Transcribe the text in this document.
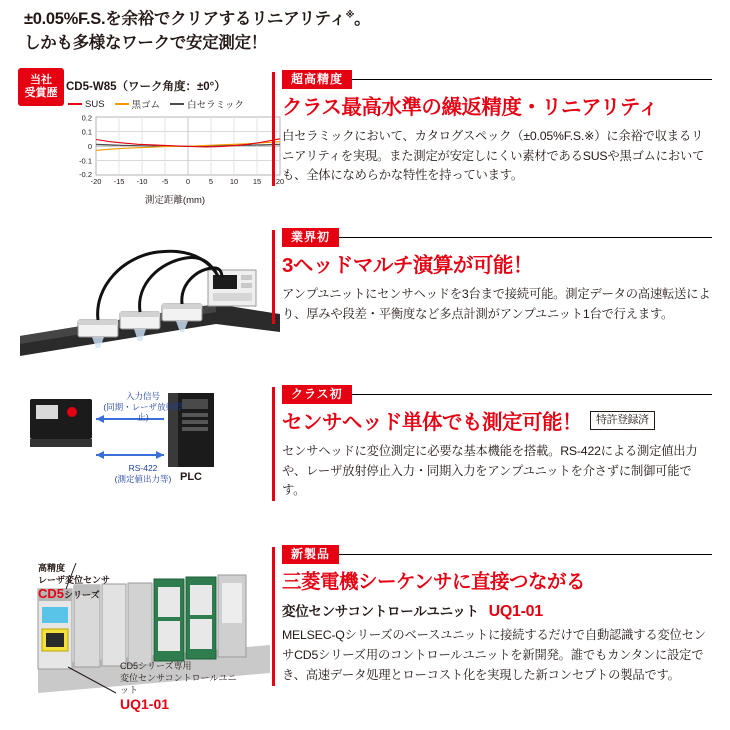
±0.05%F.S.を余裕でクリアするリニアリティ※。
しかも多様なワークで安定測定！
当社
受賞歴 CD5-W85（ワーク角度：±0°）
SUS	黒ゴム	白セラミック
0.2
0.1
0
-0.1
-0.2
-20 -15 -10 -5 0	5 10 15 20
測定距離(mm)
超高精度
クラス最高水準の繰返精度・リニアリティ

白セラミックにおいて、カタログスペック（±0.05%F.S.※）に余裕で収まるリニアリティを実現。また測定が安定しにくい素材であるSUSや黒ゴムにおいても、全体になめらかな特性を持っています。

業界初
3ヘッドマルチ演算が可能！

アンプユニットにセンサヘッドを3台まで接続可能。測定データの高速転送により、厚みや段差・平衡度など多点計測がアンプユニット1台で行えます。

入力信号
(同期・レーザ放射停止)
RS-422
(測定値出力等) PLC
クラス初
センサヘッド単体でも測定可能！ 特許登録済

センサヘッドに変位測定に必要な基本機能を搭載。RS-422による測定値出力や、レーザ放射停止入力・同期入力をアンプユニットを介さずに制御可能です。

高精度
レーザ変位センサ
CD5シリーズ
CD5シリーズ専用
変位センサコントロールユニット
UQ1-01
新製品
三菱電機シーケンサに直接つながる
変位センサコントロールユニット UQ1-01

MELSEC-Qシリーズのベースユニットに接続するだけで自動認識する変位センサCD5シリーズ用のコントロールユニットを新開発。誰でもカンタンに設定でき、高速データ処理とローコスト化を実現した新コンセプトの製品です。
